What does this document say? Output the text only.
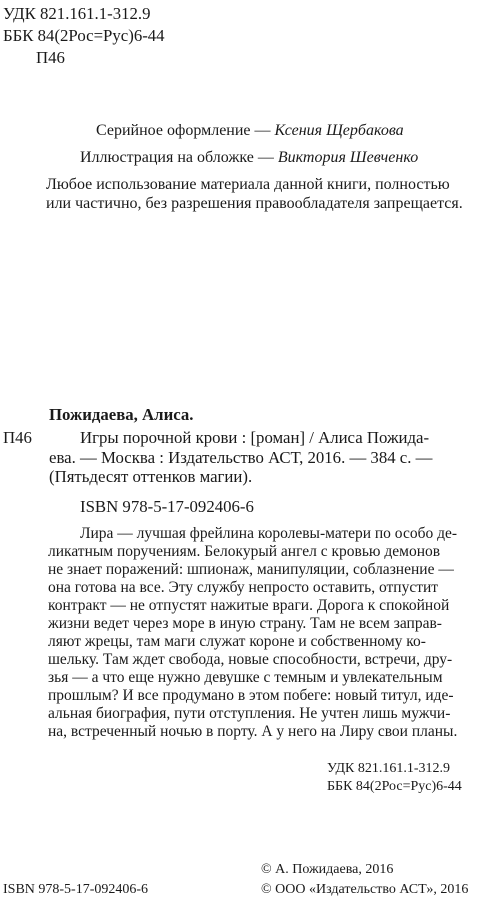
УДК 821.161.1-312.9
ББК 84(2Рос=Рус)6-44
П46
Серийное оформление — Ксения Щербакова
Иллюстрация на обложке — Виктория Шевченко
Любое использование материала данной книги, полностью
или частично, без разрешения правообладателя запрещается.
Пожидаева, Алиса.
П46	Игры порочной крови : [роман] / Алиса Пожида-
ева. — Москва : Издательство АСТ, 2016. — 384 с. —
(Пятьдесят оттенков магии).
ISBN 978-5-17-092406-6

Лира — лучшая фрейлина королевы-матери по особо де-

ликатным поручениям. Белокурый ангел с кровью демонов

не знает поражений: шпионаж, манипуляции, соблазнение —

она готова на все. Эту службу непросто оставить, отпустит

контракт — не отпустят нажитые враги. Дорога к спокойной

жизни ведет через море в иную страну. Там не всем заправ-

ляют жрецы, там маги служат короне и собственному ко-

шельку. Там ждет свобода, новые способности, встречи, дру-

зья — а что еще нужно девушке с темным и увлекательным

прошлым? И все продумано в этом побеге: новый титул, иде-

альная биография, пути отступления. Не учтен лишь мужчи-

на, встреченный ночью в порту. А у него на Лиру свои планы.

УДК 821.161.1-312.9
ББК 84(2Рос=Рус)6-44
© А. Пожидаева, 2016
ISBN 978-5-17-092406-6	© ООО «Издательство АСТ», 2016
